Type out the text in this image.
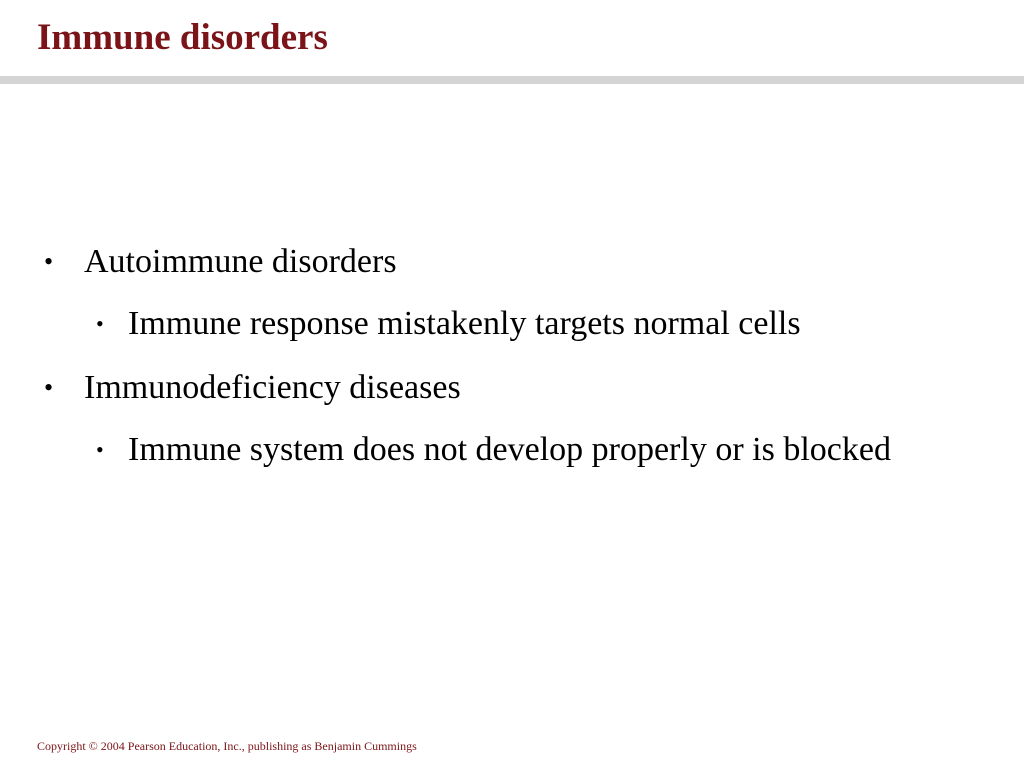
Immune disorders
• Autoimmune disorders
• Immune response mistakenly targets normal cells
• Immunodeficiency diseases
• Immune system does not develop properly or is blocked
Copyright © 2004 Pearson Education, Inc., publishing as Benjamin Cummings
